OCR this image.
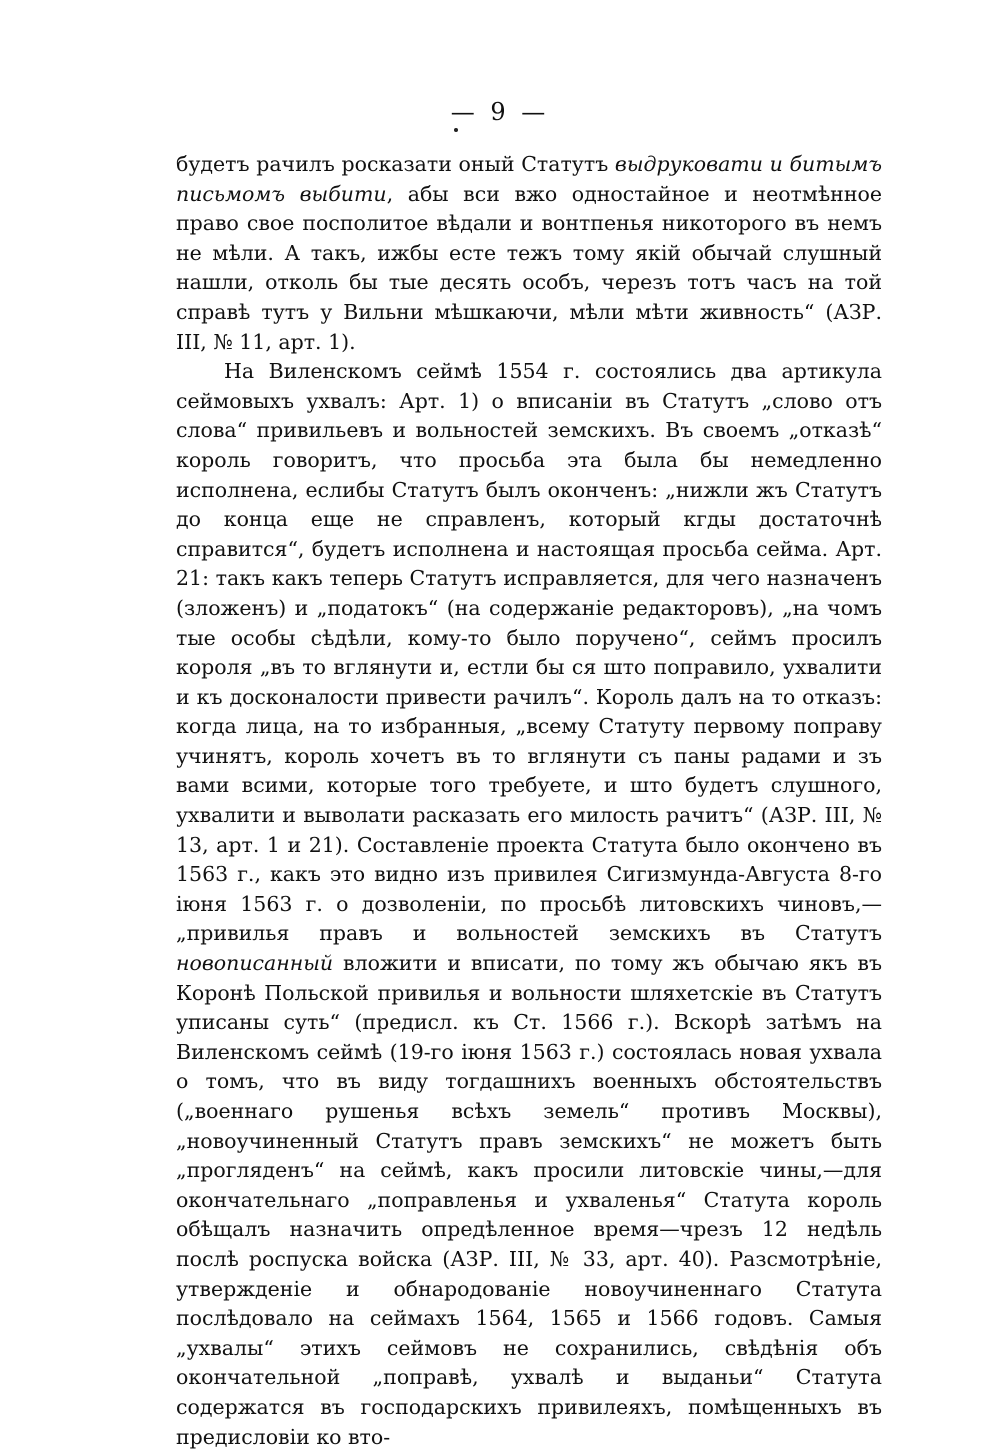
— 9 —

будетъ рачилъ росказати оный Статутъ выдруковати и битымъ письмомъ выбити, абы вси вжо одностайное и неотмѣнное право свое посполитое вѣдали и вонтпенья никоторого въ немъ не мѣли. А такъ, ижбы есте тежъ тому якій обычай слушный нашли, отколь бы тые десять особъ, черезъ тотъ часъ на той справѣ тутъ у Вильни мѣшкаючи, мѣли мѣти живность“ (АЗР. III, № 11, арт. 1).

На Виленскомъ сеймѣ 1554 г. состоялись два артикула сеймовыхъ ухвалъ: Арт. 1) о вписаніи въ Статутъ „слово отъ слова“ привильевъ и вольностей земскихъ. Въ своемъ „отказѣ“ король говоритъ, что просьба эта была бы немедленно исполнена, еслибы Статутъ былъ оконченъ: „нижли жъ Статутъ до конца еще не справленъ, который кгды достаточнѣ справится“, будетъ исполнена и настоящая просьба сейма. Арт. 21: такъ какъ теперь Статутъ исправляется, для чего назначенъ (зложенъ) и „податокъ“ (на содержаніе редакторовъ), „на чомъ тые особы сѣдѣли, кому-то было поручено“, сеймъ просилъ короля „въ то вглянути и, естли бы ся што поправило, ухвалити и къ досконалости привести рачилъ“. Король далъ на то отказъ: когда лица, на то избранныя, „всему Статуту первому поправу учинятъ, король хочетъ въ то вглянути съ паны радами и зъ вами всими, которые того требуете, и што будетъ слушного, ухвалити и выволати расказать его милость рачитъ“ (АЗР. III, № 13, арт. 1 и 21). Составленіе проекта Статута было окончено въ 1563 г., какъ это видно изъ привилея Сигизмунда-Августа 8-го іюня 1563 г. о дозволеніи, по просьбѣ литовскихъ чиновъ,—„привилья правъ и вольностей земскихъ въ Статутъ новописанный вложити и вписати, по тому жъ обычаю якъ въ Коронѣ Польской привилья и вольности шляхетскіе въ Статутъ уписаны суть“ (предисл. къ Ст. 1566 г.). Вскорѣ затѣмъ на Виленскомъ сеймѣ (19-го іюня 1563 г.) состоялась новая ухвала о томъ, что въ виду тогдашнихъ военныхъ обстоятельствъ („военнаго рушенья всѣхъ земель“ противъ Москвы), „новоучиненный Статутъ правъ земскихъ“ не можетъ быть „прогляденъ“ на сеймѣ, какъ просили литовскіе чины,—для окончательнаго „поправленья и ухваленья“ Статута король обѣщалъ назначить опредѣленное время—чрезъ 12 недѣль послѣ роспуска войска (АЗР. III, № 33, арт. 40). Разсмотрѣніе, утвержденіе и обнародованіе новоучиненнаго Статута послѣдовало на сеймахъ 1564, 1565 и 1566 годовъ. Самыя „ухвалы“ этихъ сеймовъ не сохранились, свѣдѣнія объ окончательной „поправѣ, ухвалѣ и выданьи“ Статута содержатся въ господарскихъ привилеяхъ, помѣщенныхъ въ предисловіи ко вто-
